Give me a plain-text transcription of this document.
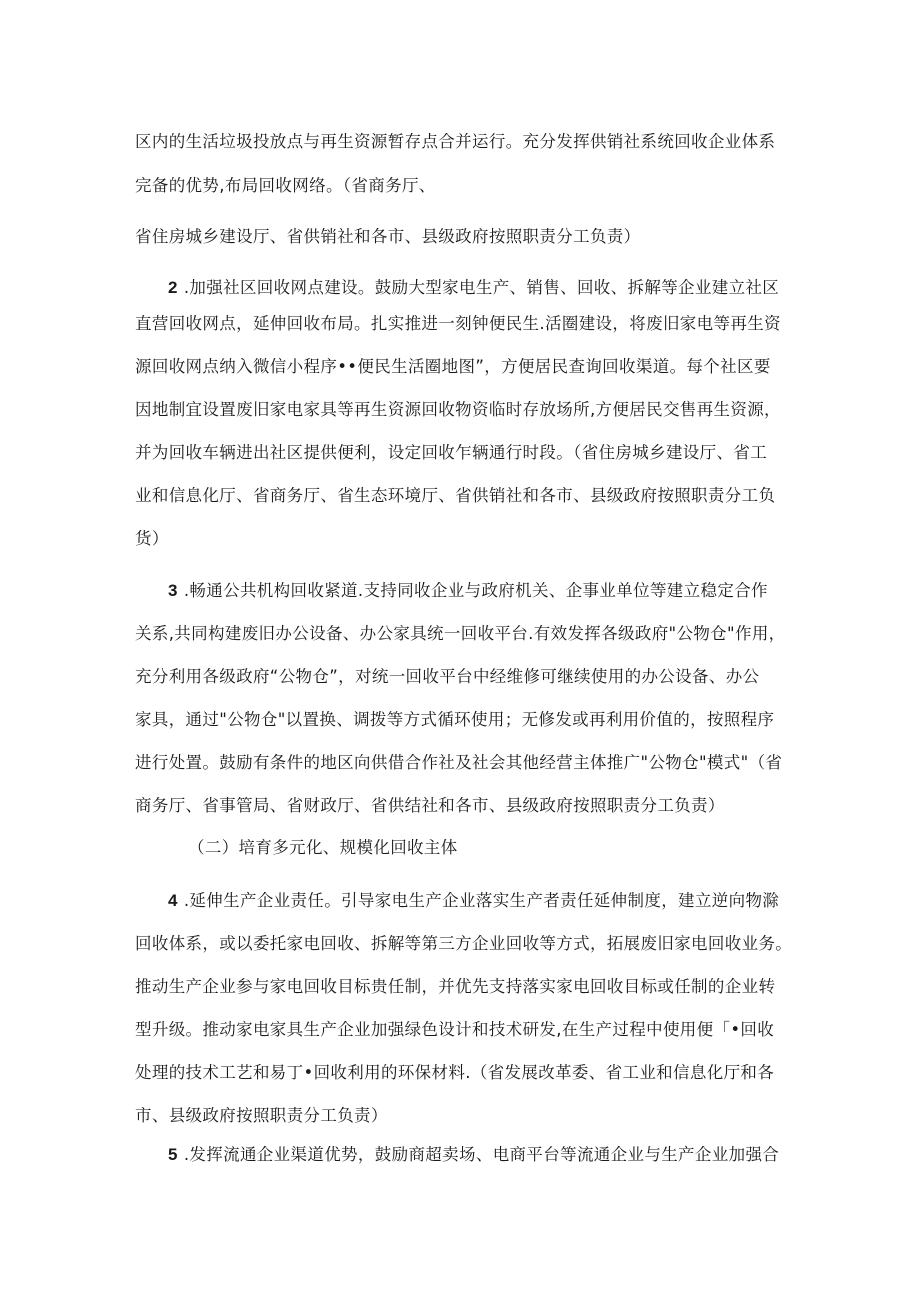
区内的生活垃圾投放点与再生资源暂存点合并运行。充分发挥供销社系统回收企业体系
完备的优势,布局回收网络。（省商务厅、
省住房城乡建设厅、省供销社和各市、县级政府按照职责分工负责）
2 .加强社区回收网点建设。鼓励大型家电生产、销售、回收、拆解等企业建立社区
直营回收网点，延伸回收布局。扎实推进一刻钟便民生.活圈建设，将废旧家电等再生资
源回收网点纳入微信小程序••便民生活圈地图”，方便居民查询回收渠道。每个社区要
因地制宜设置废旧家电家具等再生资源回收物资临时存放场所,方便居民交售再生资源，
并为回收车辆进出社区提供便利，设定回收乍辆通行时段。（省住房城乡建设厅、省工
业和信息化厅、省商务厅、省生态环境厅、省供销社和各市、县级政府按照职责分工负
货）
3 .畅通公共机构回收紧道.支持同收企业与政府机关、企事业单位等建立稳定合作
关系,共同构建废旧办公设备、办公家具统一回收平台.有效发挥各级政府"公物仓"作用，
充分利用各级政府“公物仓”，对统一回收平台中经维修可继续使用的办公设备、办公
家具，通过"公物仓"以置换、调拨等方式循环使用；无修发或再利用价值的，按照程序
进行处置。鼓励有条件的地区向供借合作社及社会其他经营主体推广"公物仓"模式"（省
商务厅、省事管局、省财政厅、省供结社和各市、县级政府按照职责分工负责）
（二）培育多元化、规模化回收主体
4 .延伸生产企业责任。引导家电生产企业落实生产者责任延伸制度，建立逆向物滁
回收体系，或以委托家电回收、拆解等第三方企业回收等方式，拓展废旧家电回收业务。
推动生产企业参与家电回收目标贵任制，并优先支持落实家电回收目标或任制的企业转
型升级。推动家电家具生产企业加强绿色设计和技术研发,在生产过程中使用便「•回收
处理的技术工艺和易丁•回收利用的环保材料.（省发展改革委、省工业和信息化厅和各
市、县级政府按照职责分工负责）
5 .发挥流通企业渠道优势，鼓励商超卖场、电商平台等流通企业与生产企业加强合
